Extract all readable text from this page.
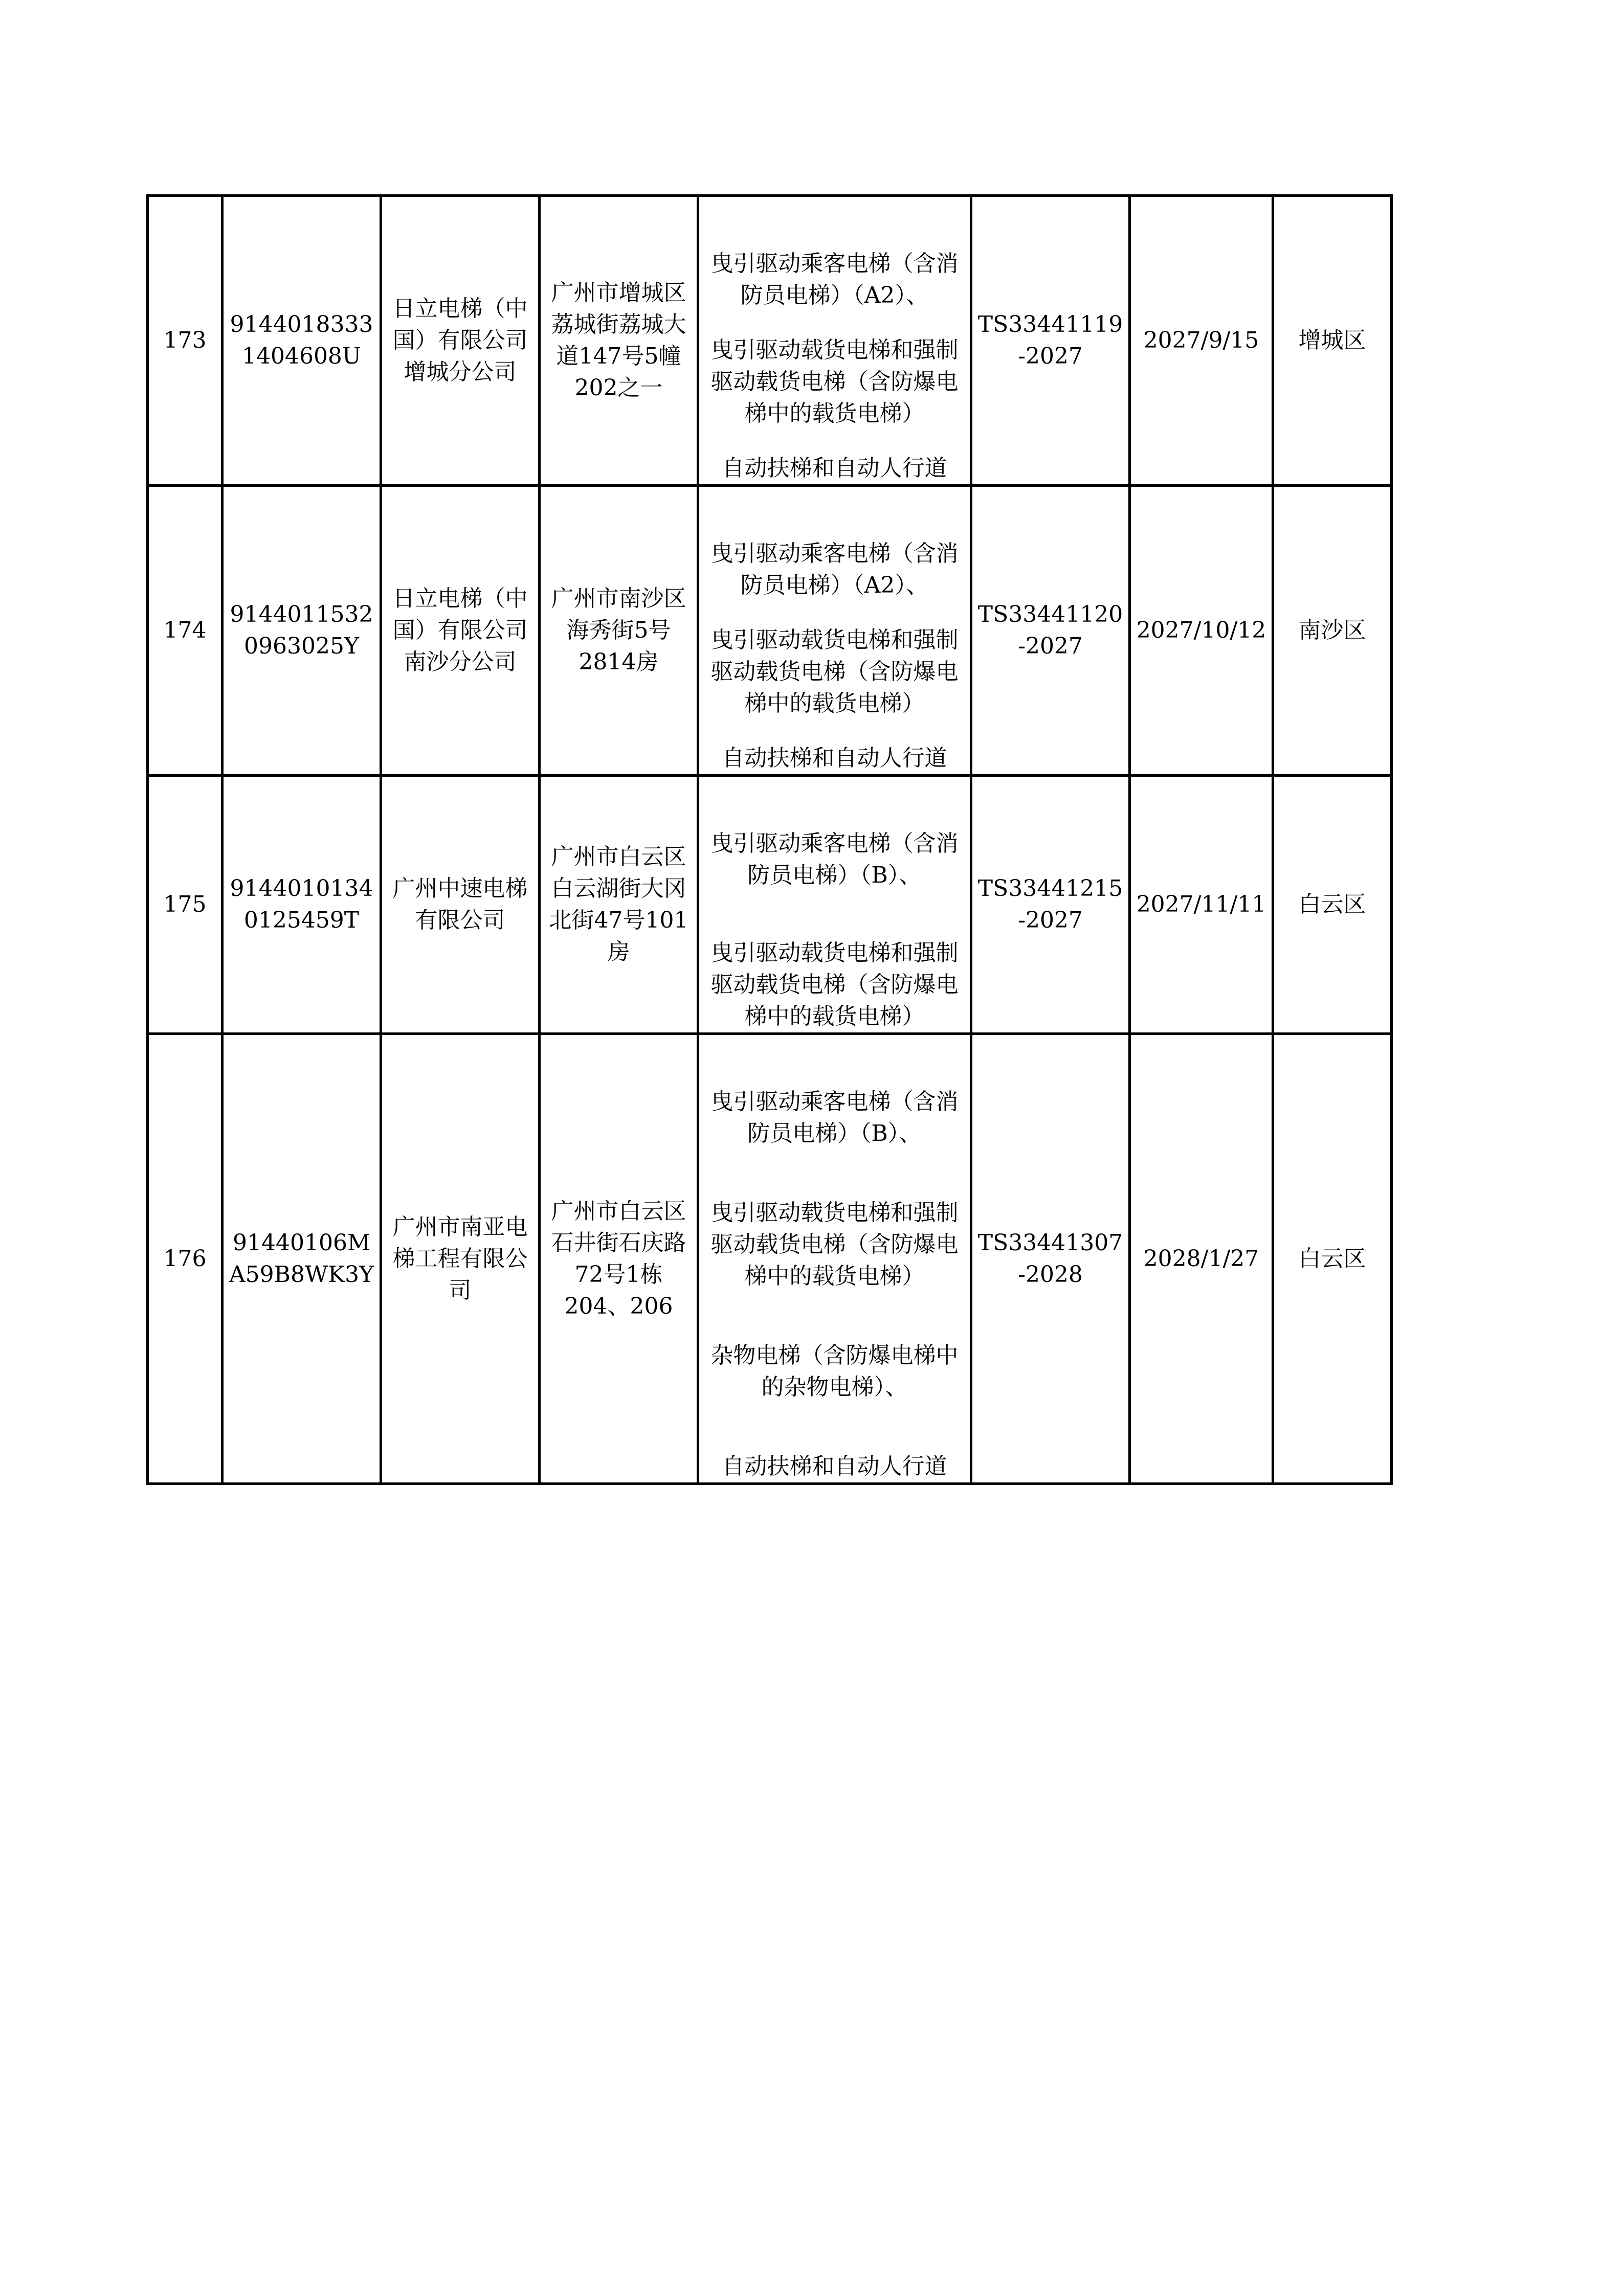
173	91440183331404608U	日立电梯（中国）有限公司增城分公司	广州市增城区荔城街荔城大道147号5幢202之一	曳引驱动乘客电梯（含消防员电梯）（A2）、
曳引驱动载货电梯和强制驱动载货电梯（含防爆电梯中的载货电梯）
自动扶梯和自动人行道	TS33441119-2027	2027/9/15	增城区
174	91440115320963025Y	日立电梯（中国）有限公司南沙分公司	广州市南沙区海秀街5号2814房	曳引驱动乘客电梯（含消防员电梯）（A2）、
曳引驱动载货电梯和强制驱动载货电梯（含防爆电梯中的载货电梯）
自动扶梯和自动人行道	TS33441120-2027	2027/10/12	南沙区
175	91440101340125459T	广州中速电梯有限公司	广州市白云区白云湖街大冈北街47号101房	曳引驱动乘客电梯（含消防员电梯）（B）、
曳引驱动载货电梯和强制驱动载货电梯（含防爆电梯中的载货电梯）	TS33441215-2027	2027/11/11	白云区
176	91440106MA59B8WK3Y	广州市南亚电梯工程有限公司	广州市白云区石井街石庆路72号1栋204、206	曳引驱动乘客电梯（含消防员电梯）（B）、
曳引驱动载货电梯和强制驱动载货电梯（含防爆电梯中的载货电梯）
杂物电梯（含防爆电梯中的杂物电梯）、
自动扶梯和自动人行道	TS33441307-2028	2028/1/27	白云区
